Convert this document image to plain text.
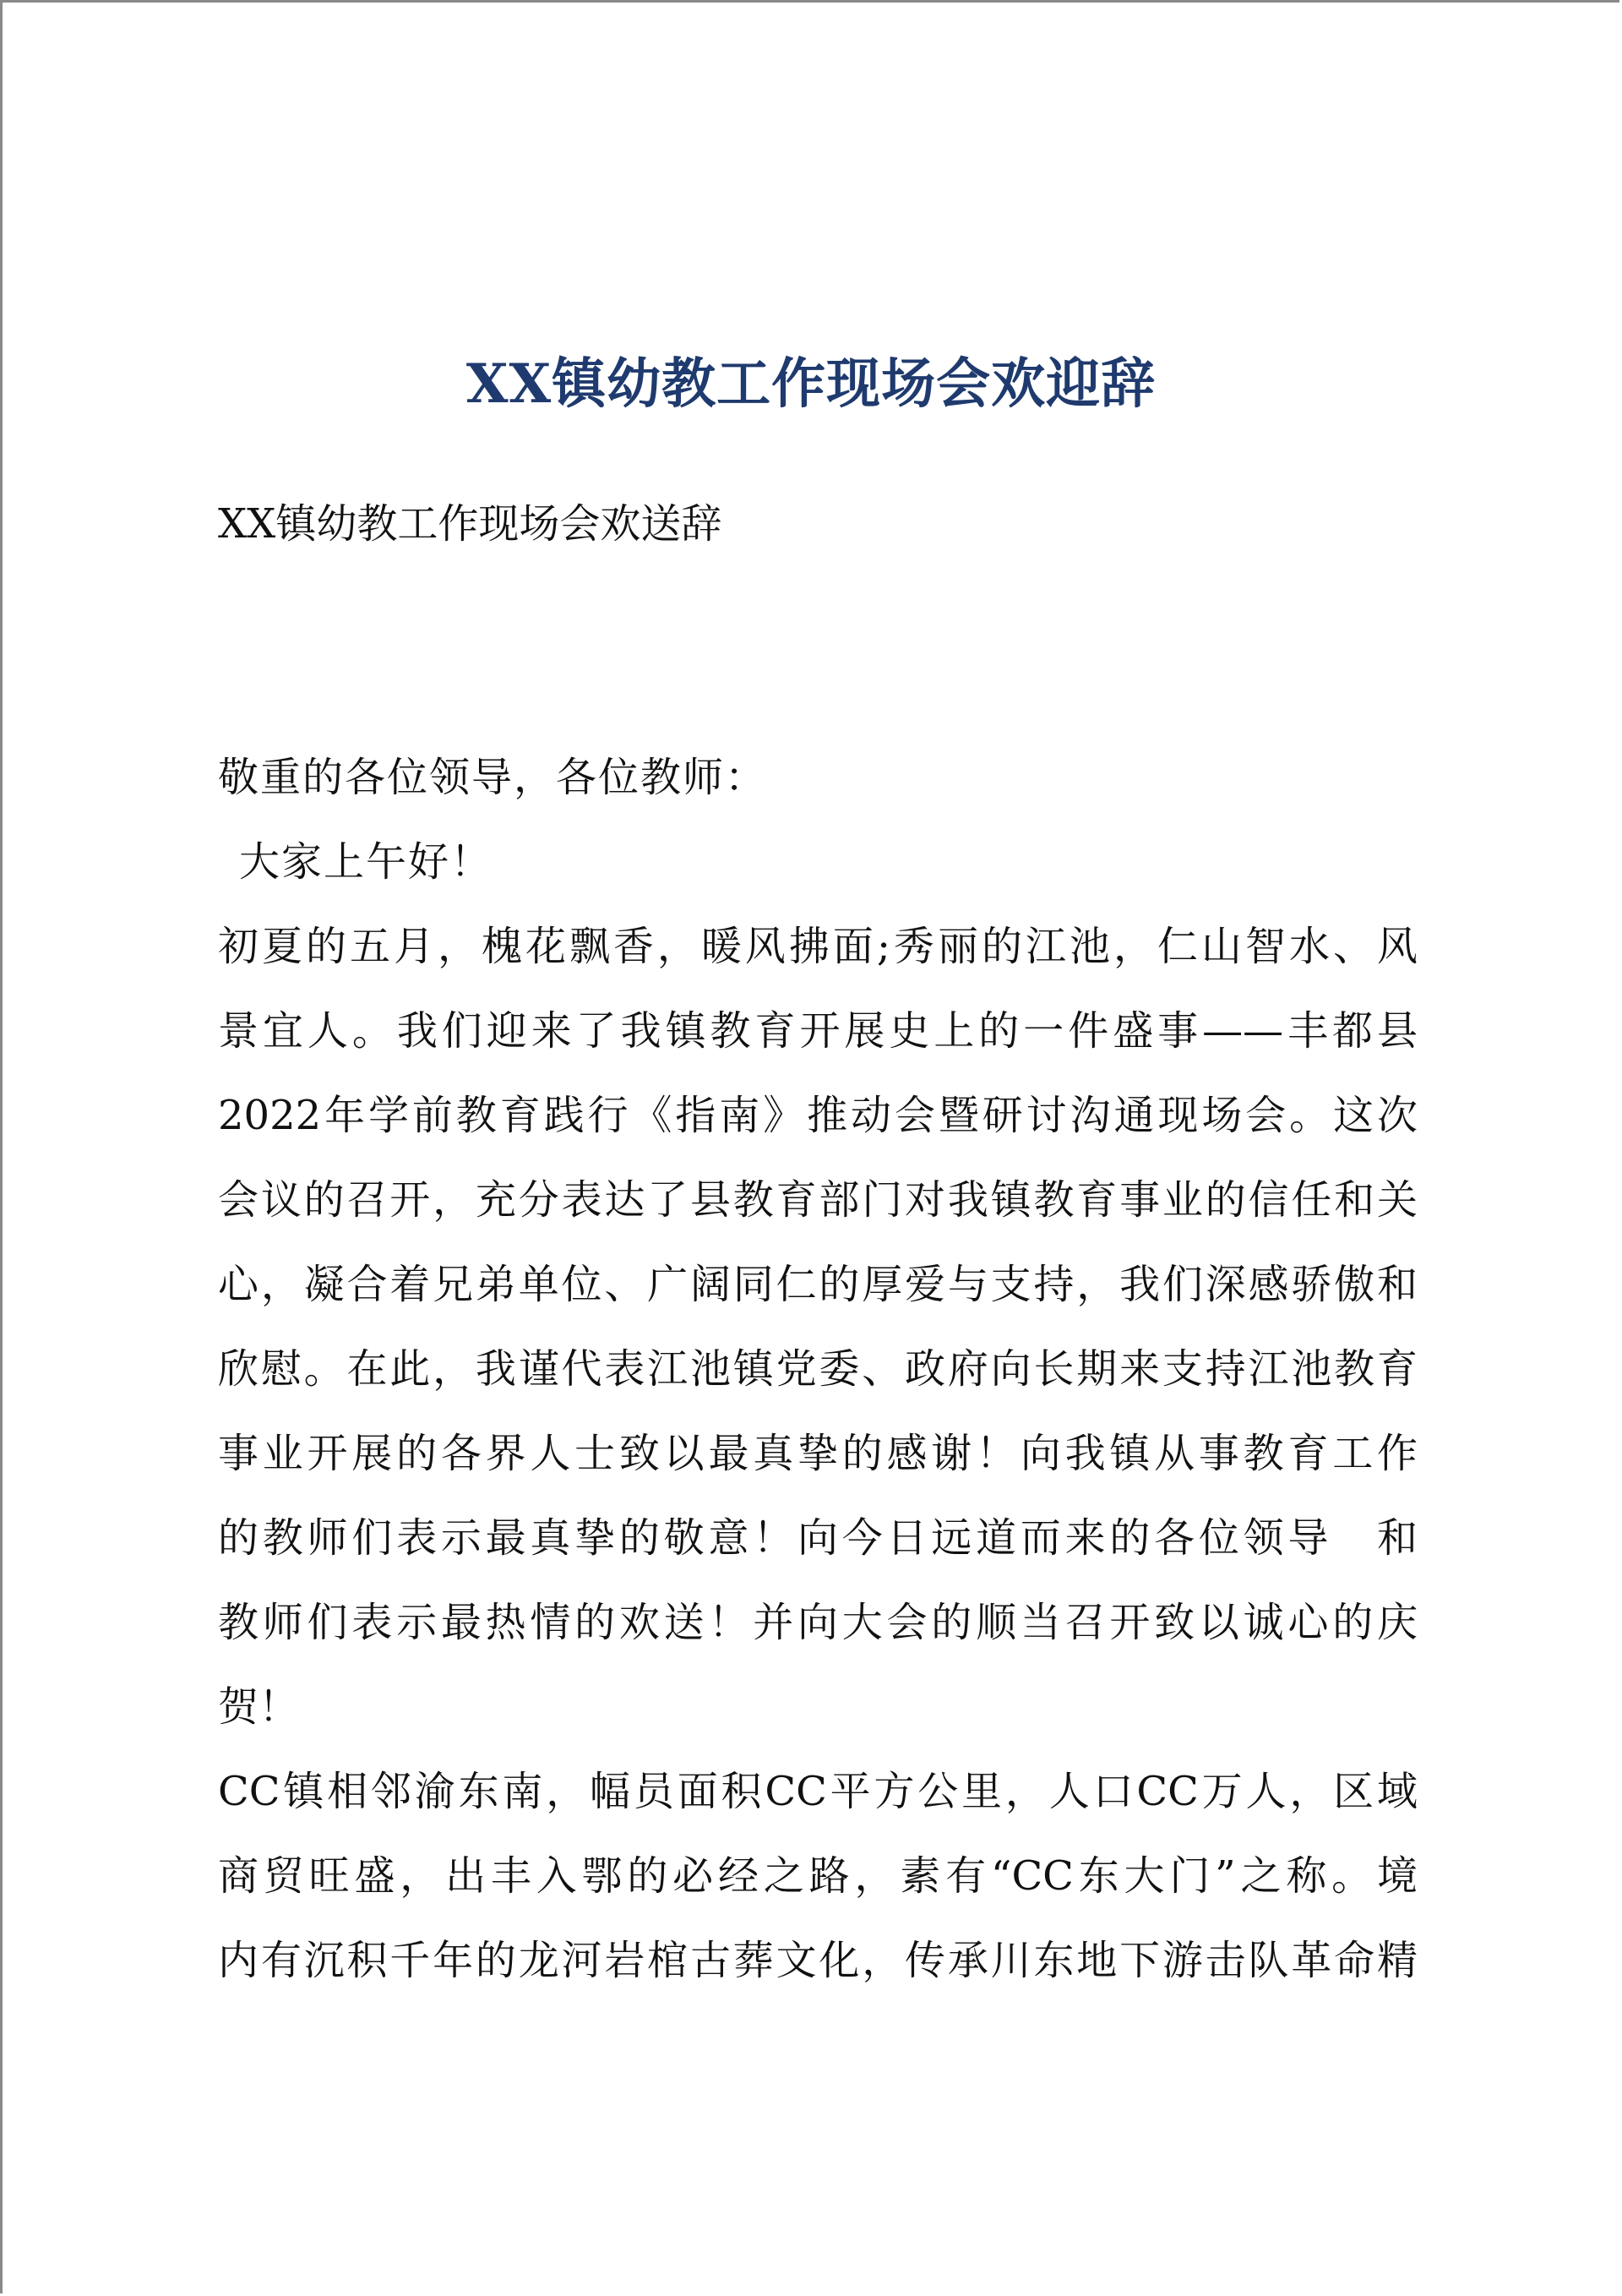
XX镇幼教工作现场会欢迎辞

XX镇幼教工作现场会欢送辞

敬重的各位领导，各位教师：

大家上午好！

初夏的五月，槐花飘香，暖风拂面;秀丽的江池，仁山智水、风
景宜人。我们迎来了我镇教育开展史上的一件盛事——丰都县
2022年学前教育践行《指南》推动会暨研讨沟通现场会。这次
会议的召开，充分表达了县教育部门对我镇教育事业的信任和关
心，凝合着兄弟单位、广阔同仁的厚爱与支持，我们深感骄傲和
欣慰。在此，我谨代表江池镇党委、政府向长期来支持江池教育
事业开展的各界人士致以最真挚的感谢！向我镇从事教育工作
的教师们表示最真挚的敬意！向今日远道而来的各位领导　和
教师们表示最热情的欢送！并向大会的顺当召开致以诚心的庆
贺！
CC镇相邻渝东南，幅员面积CC平方公里，人口CC万人，区域
商贸旺盛，出丰入鄂的必经之路，素有“CC东大门”之称。境
内有沉积千年的龙河岩棺古葬文化，传承川东地下游击队革命精
